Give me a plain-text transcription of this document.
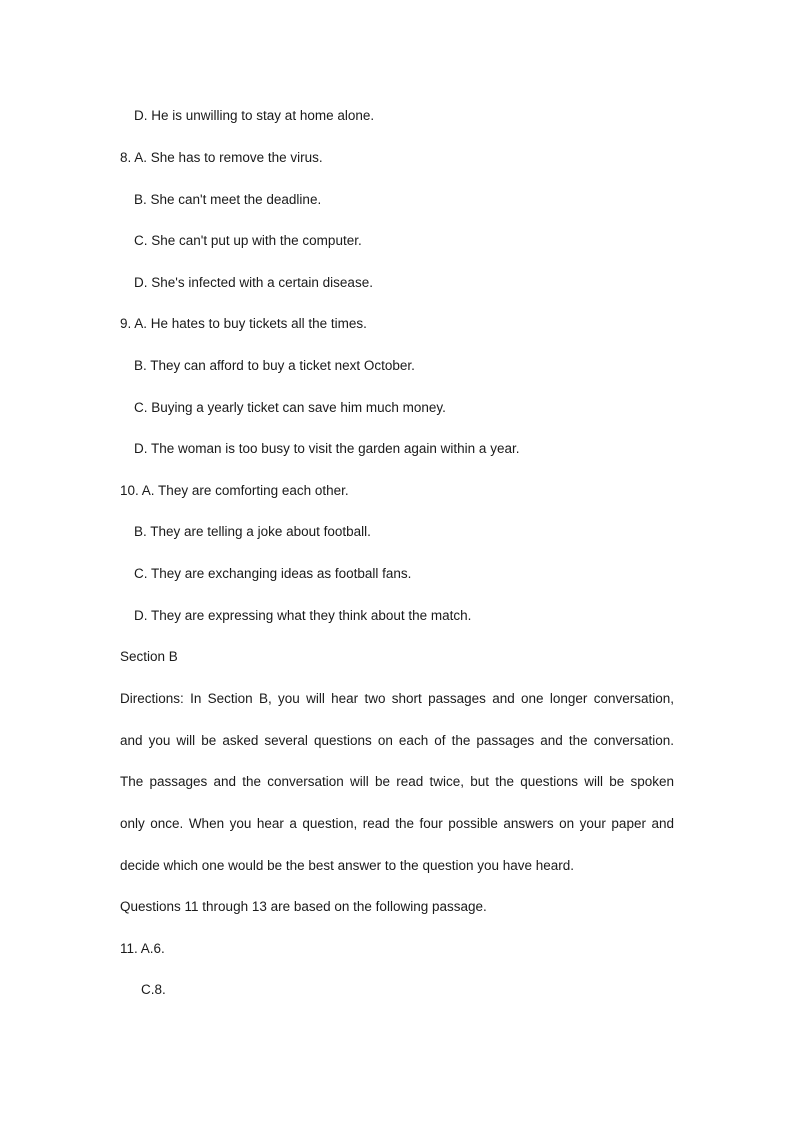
D. He is unwilling to stay at home alone.
8. A. She has to remove the virus.
B. She can't meet the deadline.
C. She can't put up with the computer.
D. She's infected with a certain disease.
9. A. He hates to buy tickets all the times.
B. They can afford to buy a ticket next October.
C. Buying a yearly ticket can save him much money.
D. The woman is too busy to visit the garden again within a year.
10. A. They are comforting each other.
B. They are telling a joke about football.
C. They are exchanging ideas as football fans.
D. They are expressing what they think about the match.
Section B
Directions: In Section B, you will hear two short passages and one longer conversation,
and you will be asked several questions on each of the passages and the conversation.
The passages and the conversation will be read twice, but the questions will be spoken
only once. When you hear a question, read the four possible answers on your paper and
decide which one would be the best answer to the question you have heard.
Questions 11 through 13 are based on the following passage.
11. A.6.
C.8.
